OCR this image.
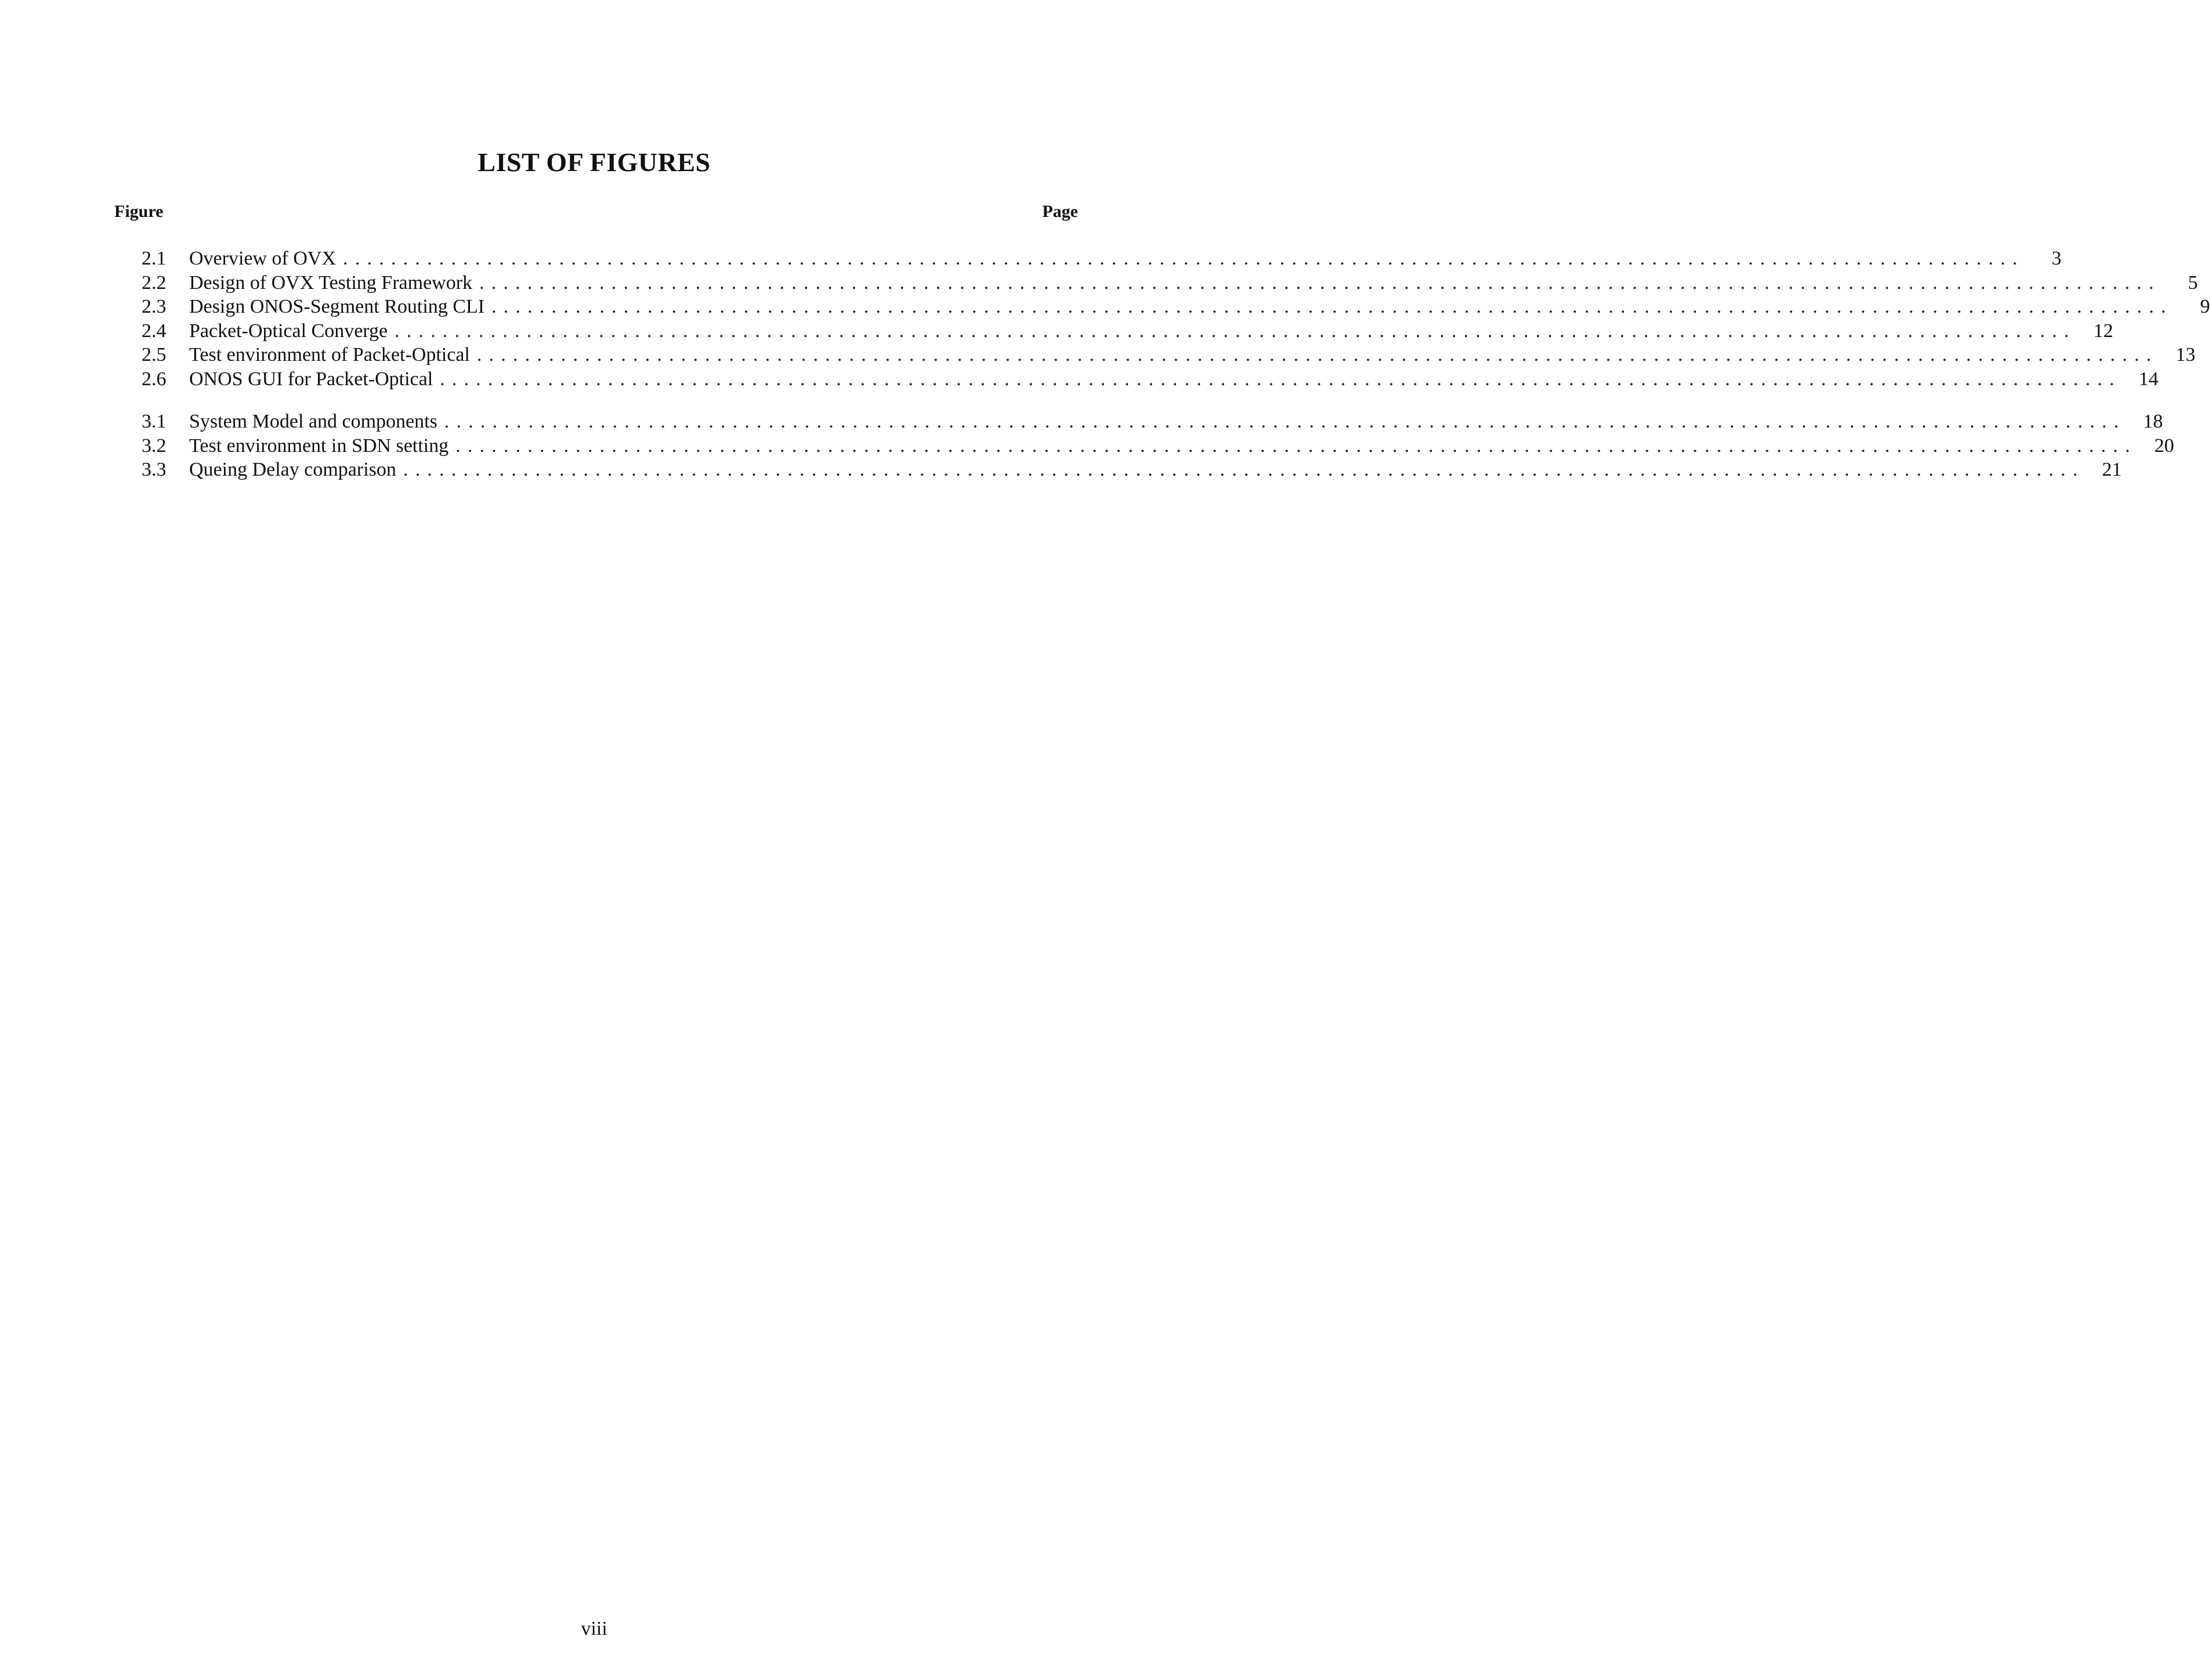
LIST OF FIGURES
Figure	Page
2.1	Overview of OVX ............................................................................................................................................	3
2.2	Design of OVX Testing Framework ............................................................................................................................................	5
2.3	Design ONOS-Segment Routing CLI ............................................................................................................................................	9
2.4	Packet-Optical Converge ............................................................................................................................................ 12
2.5	Test environment of Packet-Optical ............................................................................................................................................ 13
2.6	ONOS GUI for Packet-Optical ............................................................................................................................................ 14
3.1	System Model and components ............................................................................................................................................ 18
3.2	Test environment in SDN setting ............................................................................................................................................ 20
3.3	Queing Delay comparison ............................................................................................................................................ 21
viii
